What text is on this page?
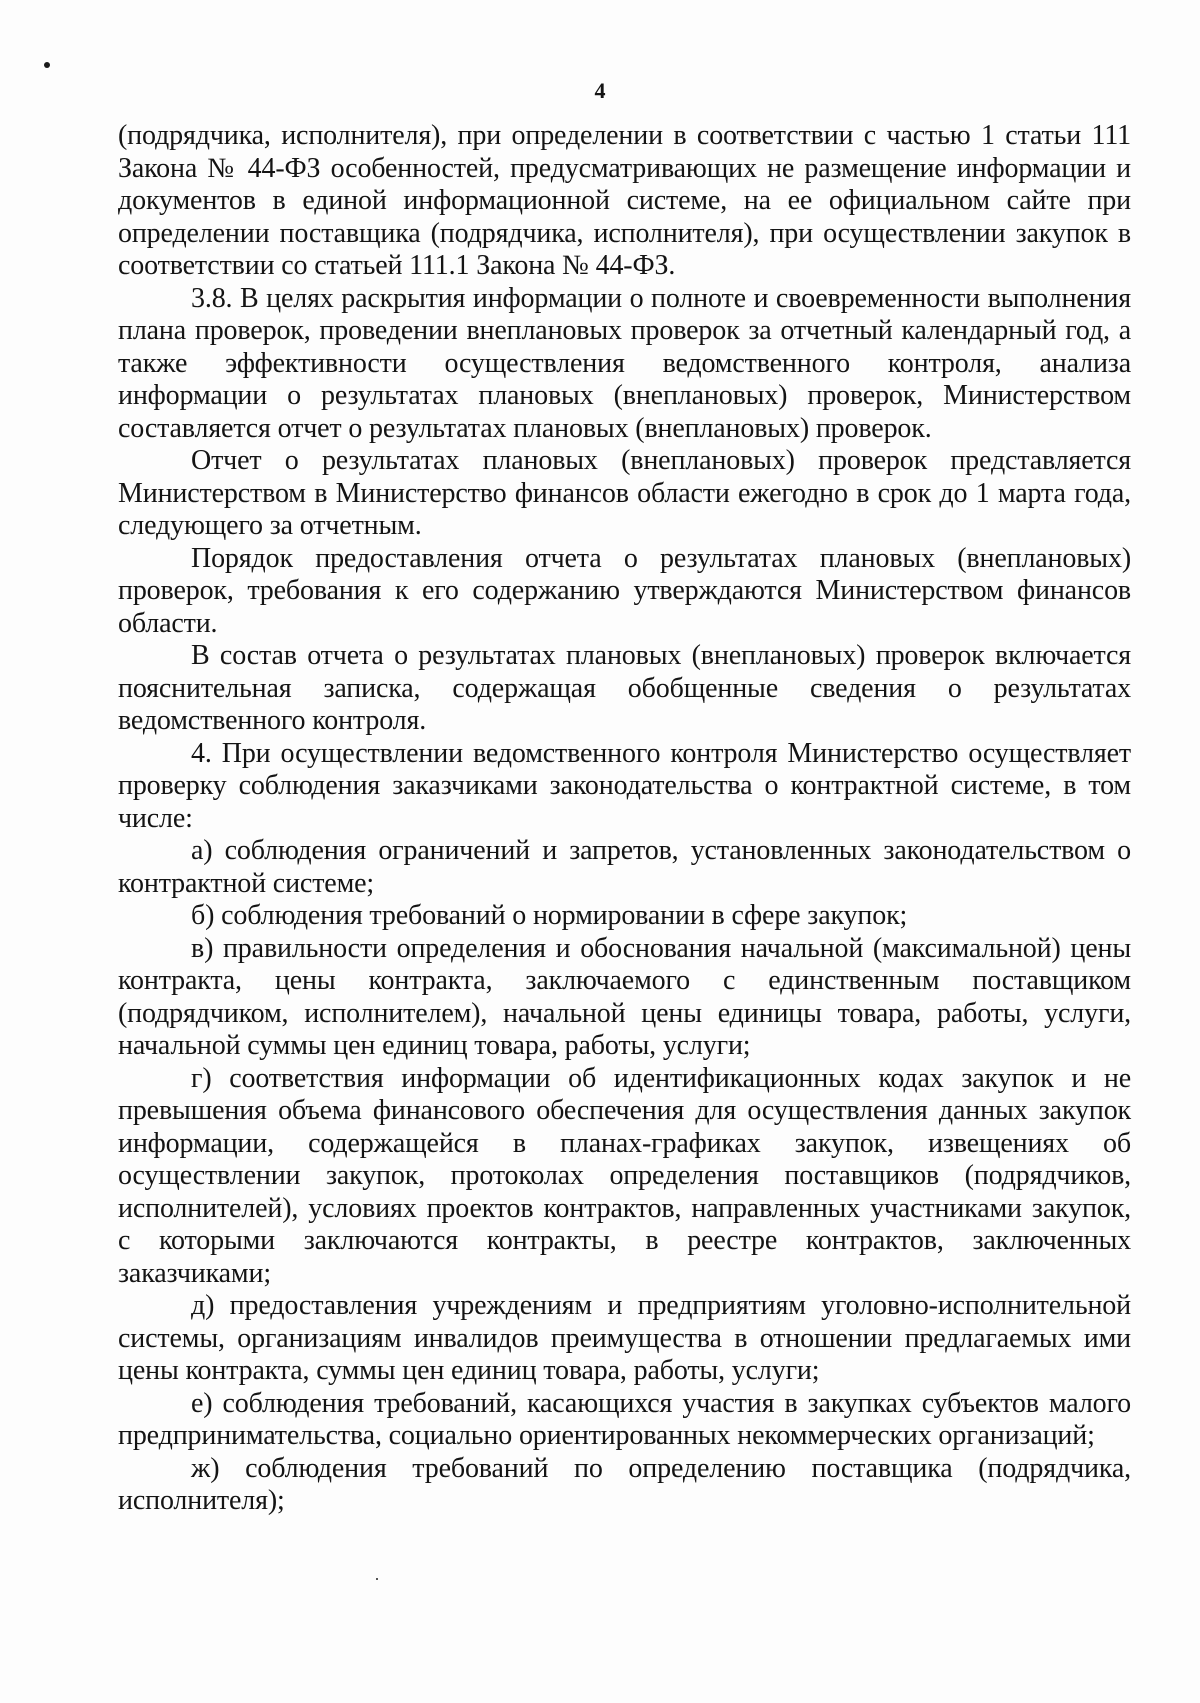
4

(подрядчика, исполнителя), при определении в соответствии с частью 1 статьи 111 Закона № 44-ФЗ особенностей, предусматривающих не размещение информации и документов в единой информационной системе, на ее официальном сайте при определении поставщика (подрядчика, исполнителя), при осуществлении закупок в соответствии со статьей 111.1 Закона № 44-ФЗ.

3.8. В целях раскрытия информации о полноте и своевременности выполнения плана проверок, проведении внеплановых проверок за отчетный календарный год, а также эффективности осуществления ведомственного контроля, анализа информации о результатах плановых (внеплановых) проверок, Министерством составляется отчет о результатах плановых (внеплановых) проверок.

Отчет о результатах плановых (внеплановых) проверок представляется Министерством в Министерство финансов области ежегодно в срок до 1 марта года, следующего за отчетным.

Порядок предоставления отчета о результатах плановых (внеплановых) проверок, требования к его содержанию утверждаются Министерством финансов области.

В состав отчета о результатах плановых (внеплановых) проверок включается пояснительная записка, содержащая обобщенные сведения о результатах ведомственного контроля.

4. При осуществлении ведомственного контроля Министерство осуществляет проверку соблюдения заказчиками законодательства о контрактной системе, в том числе:

а) соблюдения ограничений и запретов, установленных законодательством о контрактной системе;

б) соблюдения требований о нормировании в сфере закупок;

в) правильности определения и обоснования начальной (максимальной) цены контракта, цены контракта, заключаемого с единственным поставщиком (подрядчиком, исполнителем), начальной цены единицы товара, работы, услуги, начальной суммы цен единиц товара, работы, услуги;

г) соответствия информации об идентификационных кодах закупок и не превышения объема финансового обеспечения для осуществления данных закупок информации, содержащейся в планах-графиках закупок, извещениях об осуществлении закупок, протоколах определения поставщиков (подрядчиков, исполнителей), условиях проектов контрактов, направленных участниками закупок, с которыми заключаются контракты, в реестре контрактов, заключенных заказчиками;

д) предоставления учреждениям и предприятиям уголовно-исполнительной системы, организациям инвалидов преимущества в отношении предлагаемых ими цены контракта, суммы цен единиц товара, работы, услуги;

е) соблюдения требований, касающихся участия в закупках субъектов малого предпринимательства, социально ориентированных некоммерческих организаций;

ж) соблюдения требований по определению поставщика (подрядчика, исполнителя);
